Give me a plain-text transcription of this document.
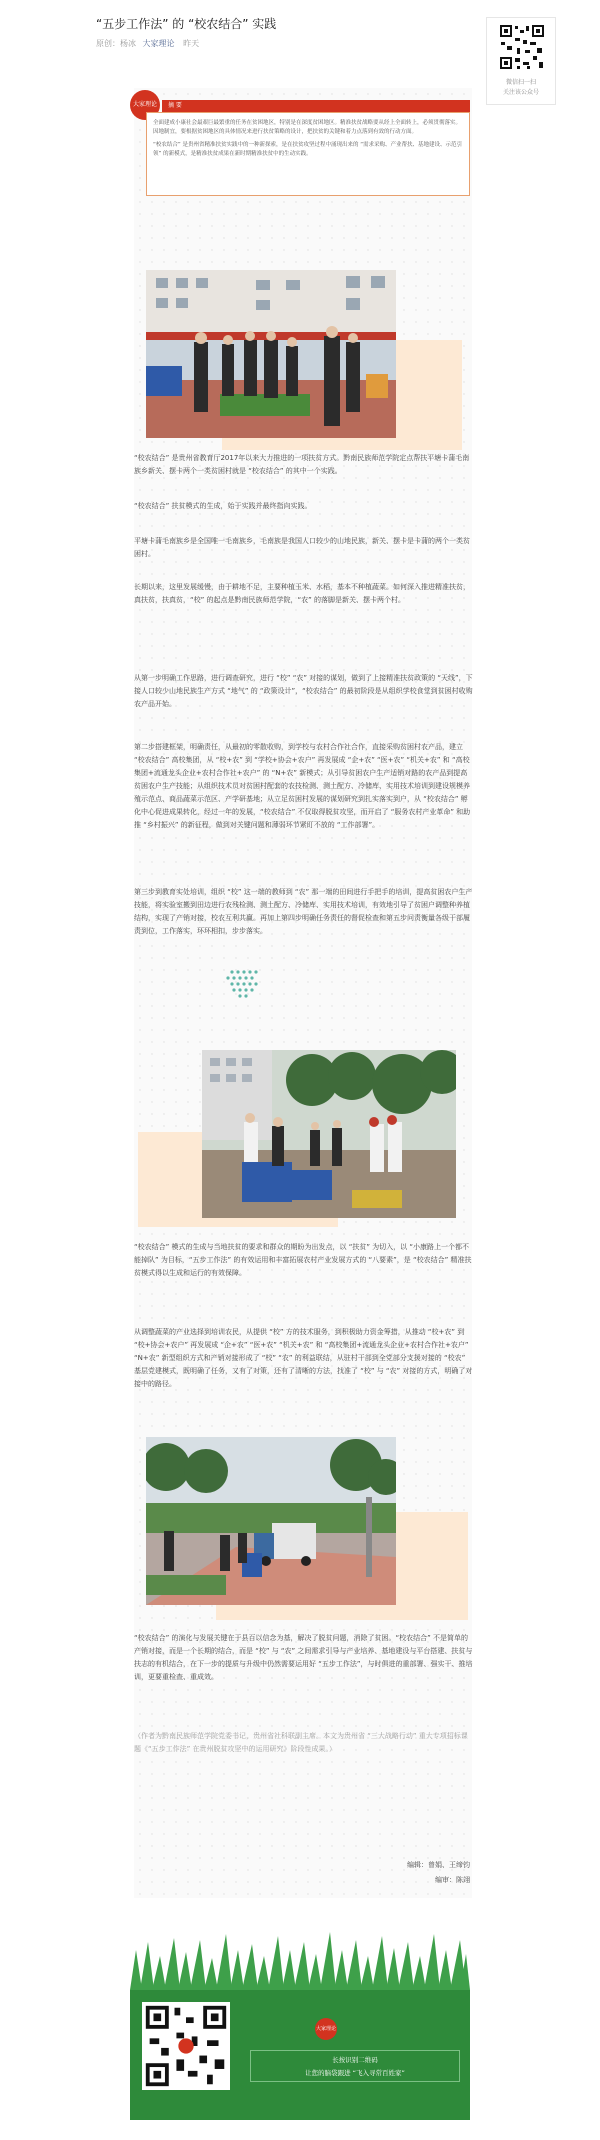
“五步工作法” 的 “校农结合” 实践
原创：杨冰 大家理论 昨天
微信扫一扫
关注该公众号
大家理论	摘 要

全面建成小康社会最艰巨最繁重的任务在贫困地区，特别是在深度贫困地区。精准扶贫战略要从经上全面转上，必须贯彻落实。因地制宜，要根据贫困地区的具体情况来进行扶贫策略的设计，把扶贫的关键和着力点落到有效的行动方面。

“校农结合” 是贵州省精准扶贫实践中的一种新探索，是在扶贫攻坚过程中涌现出来的 “需求采购、产业帮扶、基地建设、示范引领” 的新模式，是精准扶贫成果在新时期精准扶贫中的生动实践。

“校农结合” 是贵州省教育厅2017年以来大力推进的一项扶贫方式。黔南民族师范学院定点帮扶平塘卡蒲毛南族乡新关、摆卡两个一类贫困村就是 “校农结合” 的其中一个实践。
“校农结合” 扶贫模式的生成，始于实践并最终指向实践。
平塘卡蒲毛南族乡是全国唯一毛南族乡，毛南族是我国人口较少的山地民族，新关、摆卡是卡蒲的两个一类贫困村。
长期以来，这里发展缓慢，由于耕地不足，主要种植玉米、水稻，基本不种植蔬菜。如何深入推进精准扶贫，真扶贫，扶真贫，“校” 的起点是黔南民族师范学院，“农” 的落脚是新关、摆卡两个村。
从第一步明确工作思路，进行调查研究，进行 “校” “农” 对接的谋划，做到了上接精准扶贫政策的 “天线”，下接人口较少山地民族生产方式 “地气” 的 “政策设计”，“校农结合” 的最初阶段是从组织学校食堂到贫困村收购农产品开始。
第二步搭建框架，明确责任，从最初的零散收购，到学校与农村合作社合作，直接采购贫困村农产品，建立 “校农结合” 高校集团，从 “校+农” 到 “学校+协会+农户” 再发展成 “企+农” “医+农” “机关+农” 和 “高校集团+流通龙头企业+农村合作社+农户” 的 “N+农” 新模式；从引导贫困农户生产适销对路的农产品到提高贫困农户生产技能；从组织技术员对贫困村配套的农技检测、测土配方、冷储库、实用技术培训到建设规模养殖示范点、商品蔬菜示范区、产学研基地；从立足贫困村发展的谋划研究到扎实落实到户，从 “校农结合” 孵化中心促进成果转化，经过一年的发展，“校农结合” 不仅取得脱贫攻坚，而开启了 “服务农村产业革命” 和助推 “乡村振兴” 的新征程，做到对关键问题和薄弱环节紧盯不放的 “工作部署”。
第三步到教育实处培训，组织 “校” 这一端的教师到 “农” 那一端的田间进行手把手的培训，提高贫困农户生产技能，将实验室搬到田边进行农残检测、测土配方、冷储库、实用技术培训，有效地引导了贫困户调整种养植结构，实现了产销对接，校农互利共赢。再加上第四步明确任务责任的督促检查和第五步问责衡量各级干部履责到位，工作落实，环环相扣，步步落实。
“校农结合” 模式的生成与当地扶贫的要求和群众的期盼为出发点，以 “扶贫” 为切入，以 “小康路上一个都不能掉队” 为目标，“五步工作法” 的有效运用和丰富拓展农村产业发展方式的 “八要素”，是 “校农结合” 精准扶贫模式得以生成和运行的有效保障。
从调整蔬菜的产业选择到培训农民，从提供 “校” 方的技术服务，到积极助力资金筹措，从推动 “校+农” 到 “校+协会+农户” 再发展成 “企+农” “医+农” “机关+农” 和 “高校集团+流通龙头企业+农村合作社+农户” “N+农” 新型组织方式和产销对接形成了 “校” “农” 的利益联结，从驻村干部到全党部分支援对接的 “校农” 基层党建模式，既明确了任务，又有了对策，还有了清晰的方法，找准了 “校” 与 “农” 对接的方式，明确了对接中的路径。
“校农结合” 的演化与发展关键在于县百以信念为基，解决了脱贫问题，消除了贫困。“校农结合” 不是简单的产销对接，而是一个长期的结合，而是 “校” 与 “农” 之间需求引导与产业培养、基地建设与平台搭建、扶贫与扶志的有机结合，在下一步的提质与升级中仍然需要运用好 “五步工作法”，与时俱进的重部署、强实干、推培训，更要重检查、重成效。
（作者为黔南民族师范学院党委书记，贵州省社科联副主席。本文为贵州省 “三大战略行动” 重大专项招标课题《“五步工作法” 在贵州脱贫攻坚中的运用研究》阶段性成果。）
编辑：曾娟、王缔钧
编审：陈翊
大家理论
长按识别二维码
让您的脑袋跟进 “飞入寻常百姓家”
